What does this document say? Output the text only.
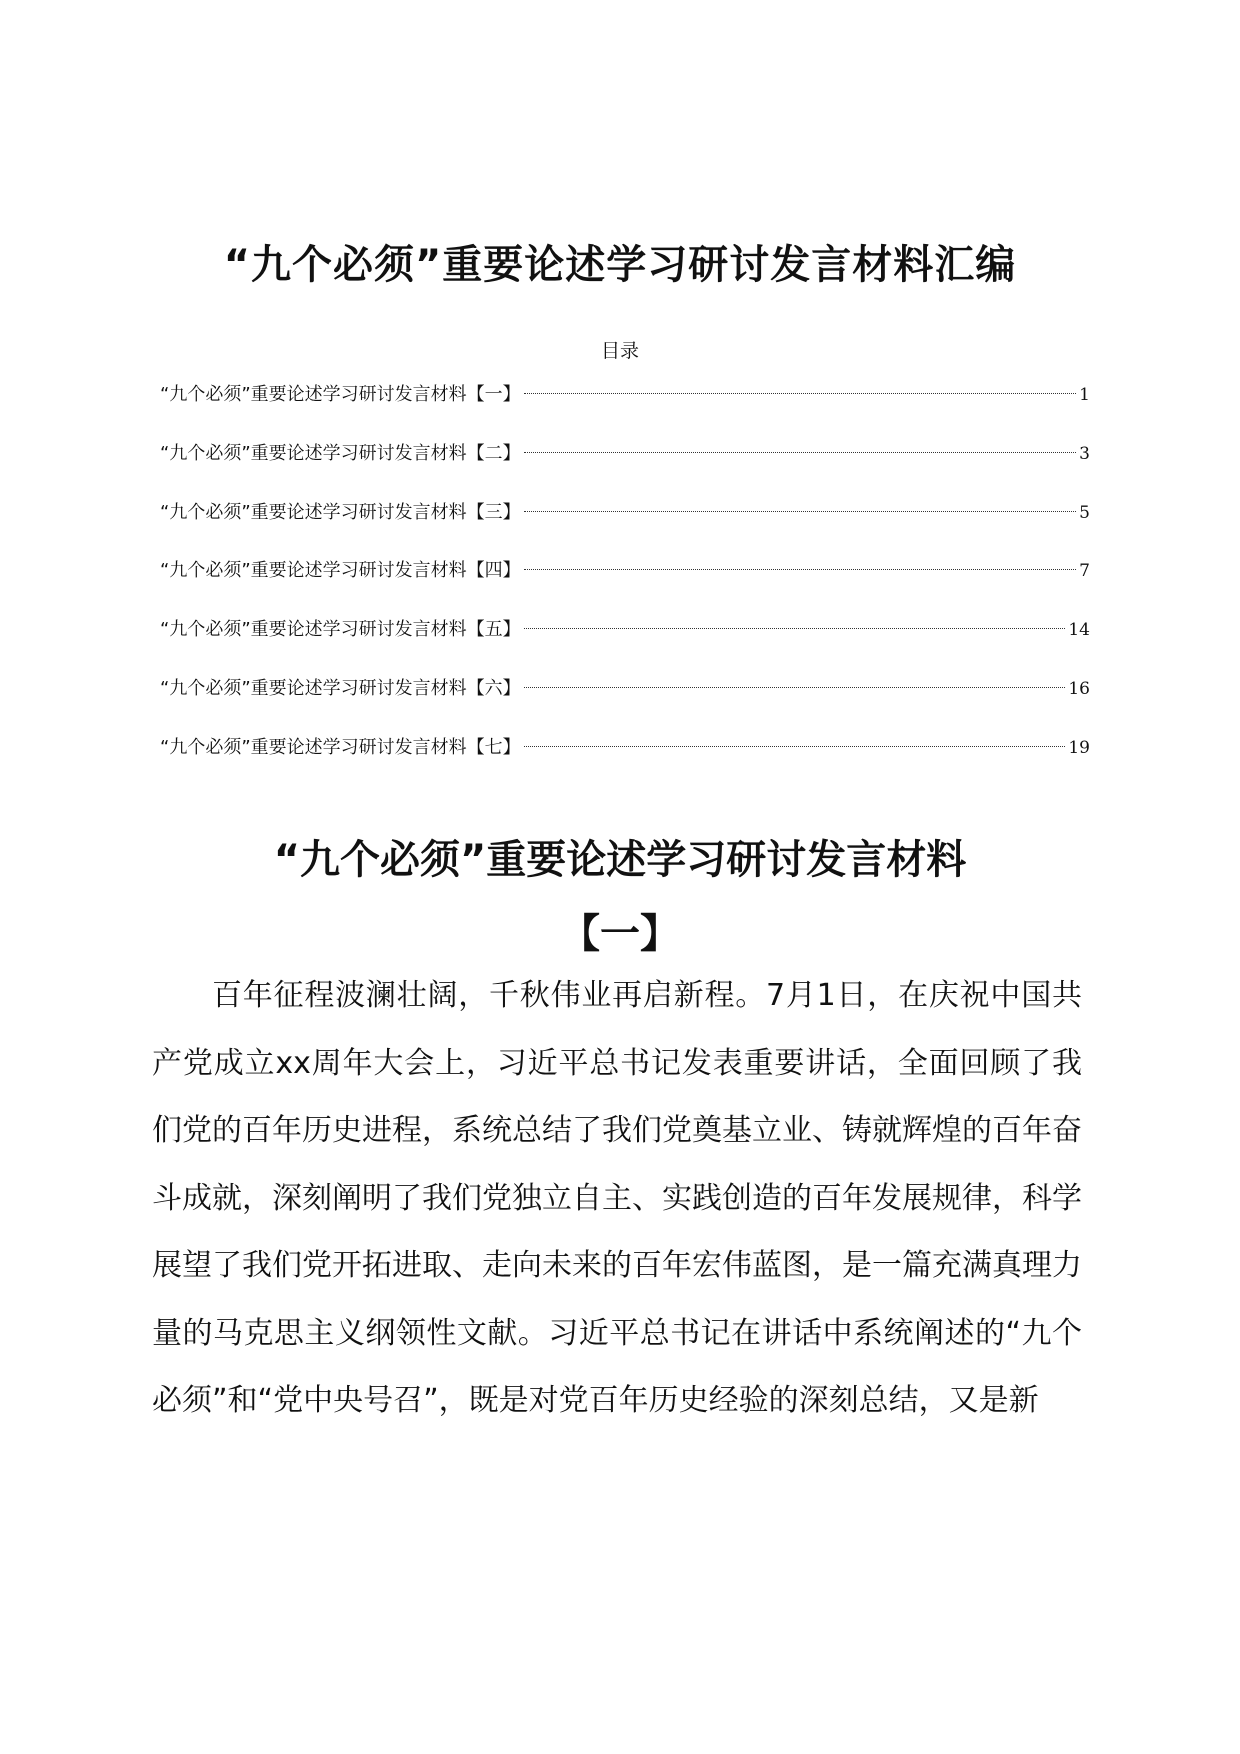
“九个必须”重要论述学习研讨发言材料汇编
目录
“九个必须”重要论述学习研讨发言材料【一】	1
“九个必须”重要论述学习研讨发言材料【二】	3
“九个必须”重要论述学习研讨发言材料【三】	5
“九个必须”重要论述学习研讨发言材料【四】	7
“九个必须”重要论述学习研讨发言材料【五】	14
“九个必须”重要论述学习研讨发言材料【六】	16
“九个必须”重要论述学习研讨发言材料【七】	19
“九个必须”重要论述学习研讨发言材料
【一】

百年征程波澜壮阔，千秋伟业再启新程。7月1日，在庆祝中国共产党成立xx周年大会上，习近平总书记发表重要讲话，全面回顾了我们党的百年历史进程，系统总结了我们党奠基立业、铸就辉煌的百年奋斗成就，深刻阐明了我们党独立自主、实践创造的百年发展规律，科学展望了我们党开拓进取、走向未来的百年宏伟蓝图，是一篇充满真理力量的马克思主义纲领性文献。习近平总书记在讲话中系统阐述的“九个必须”和“党中央号召”，既是对党百年历史经验的深刻总结，又是新
